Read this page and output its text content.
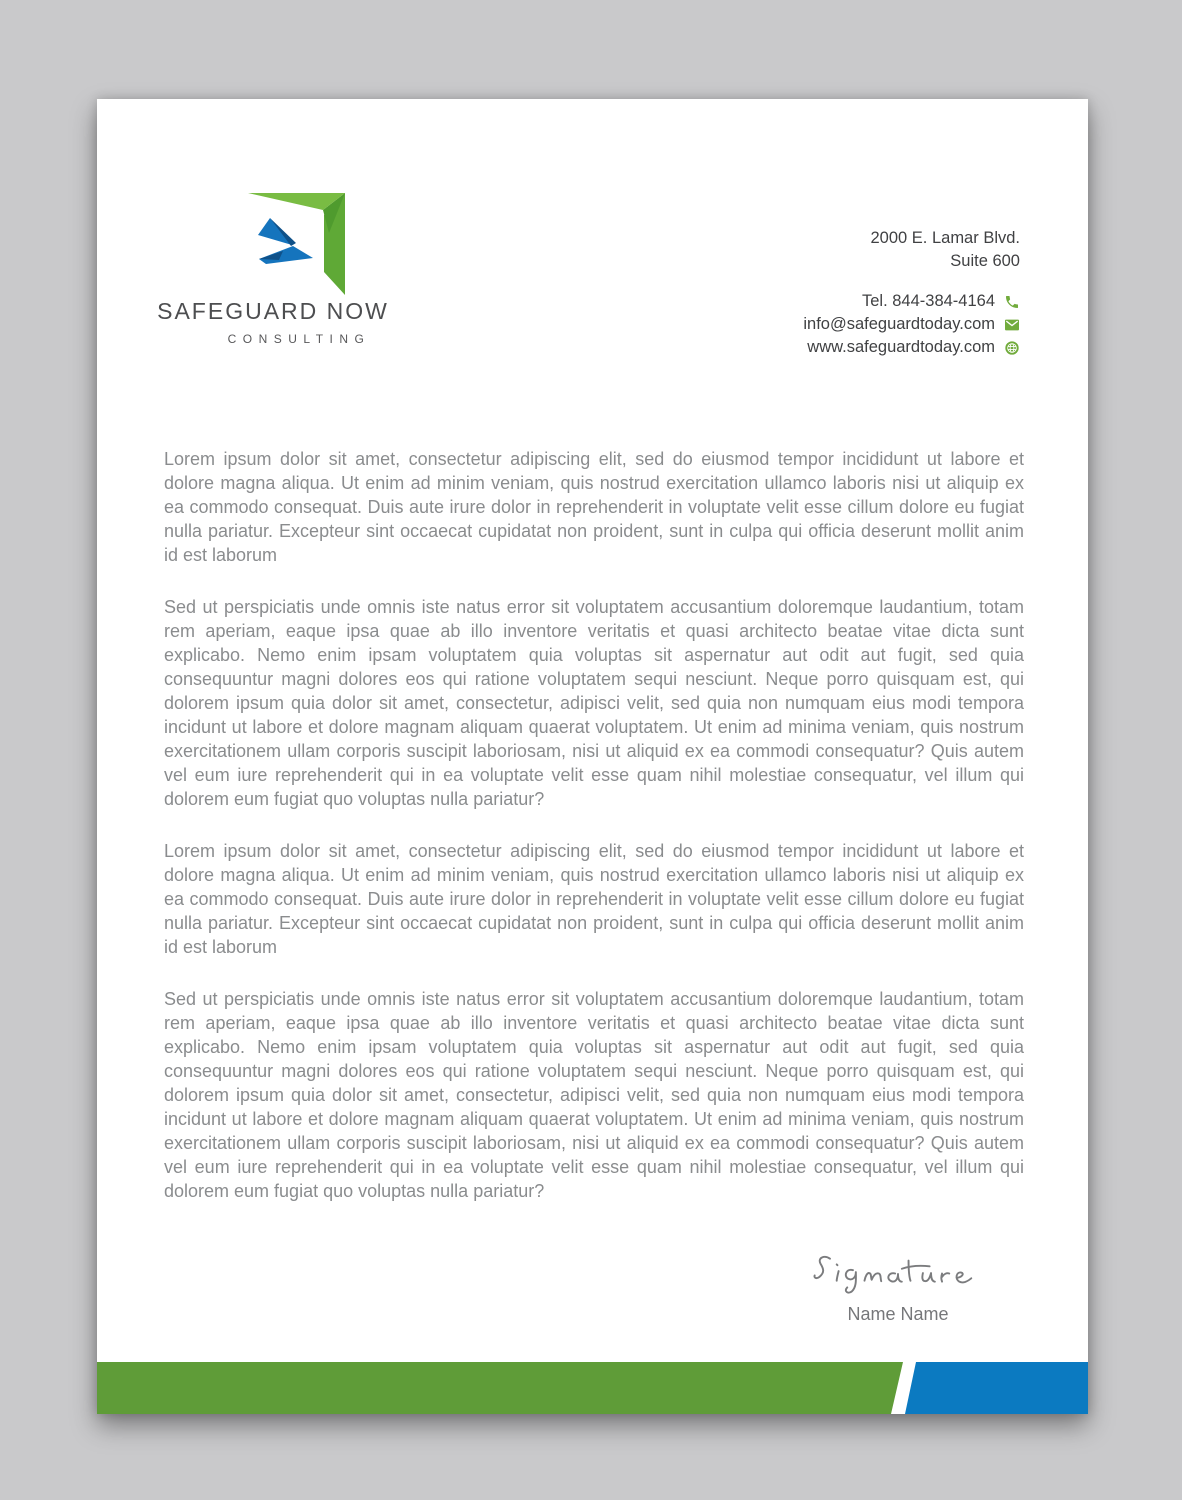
SAFEGUARD NOW
CONSULTING
2000 E. Lamar Blvd.
Suite 600
Tel. 844-384-4164
info@safeguardtoday.com
www.safeguardtoday.com

Lorem ipsum dolor sit amet, consectetur adipiscing elit, sed do eiusmod tempor incididunt ut labore et dolore magna aliqua. Ut enim ad minim veniam, quis nostrud exercitation ullamco laboris nisi ut aliquip ex ea commodo consequat. Duis aute irure dolor in reprehenderit in voluptate velit esse cillum dolore eu fugiat nulla pariatur. Excepteur sint occaecat cupidatat non proident, sunt in culpa qui officia deserunt mollit anim id est laborum

Sed ut perspiciatis unde omnis iste natus error sit voluptatem accusantium doloremque laudantium, totam rem aperiam, eaque ipsa quae ab illo inventore veritatis et quasi architecto beatae vitae dicta sunt explicabo. Nemo enim ipsam voluptatem quia voluptas sit aspernatur aut odit aut fugit, sed quia consequuntur magni dolores eos qui ratione voluptatem sequi nesciunt. Neque porro quisquam est, qui dolorem ipsum quia dolor sit amet, consectetur, adipisci velit, sed quia non numquam eius modi tempora incidunt ut labore et dolore magnam aliquam quaerat voluptatem. Ut enim ad minima veniam, quis nostrum exercitationem ullam corporis suscipit laboriosam, nisi ut aliquid ex ea commodi consequatur? Quis autem vel eum iure reprehenderit qui in ea voluptate velit esse quam nihil molestiae consequatur, vel illum qui dolorem eum fugiat quo voluptas nulla pariatur?

Lorem ipsum dolor sit amet, consectetur adipiscing elit, sed do eiusmod tempor incididunt ut labore et dolore magna aliqua. Ut enim ad minim veniam, quis nostrud exercitation ullamco laboris nisi ut aliquip ex ea commodo consequat. Duis aute irure dolor in reprehenderit in voluptate velit esse cillum dolore eu fugiat nulla pariatur. Excepteur sint occaecat cupidatat non proident, sunt in culpa qui officia deserunt mollit anim id est laborum

Sed ut perspiciatis unde omnis iste natus error sit voluptatem accusantium doloremque laudantium, totam rem aperiam, eaque ipsa quae ab illo inventore veritatis et quasi architecto beatae vitae dicta sunt explicabo. Nemo enim ipsam voluptatem quia voluptas sit aspernatur aut odit aut fugit, sed quia consequuntur magni dolores eos qui ratione voluptatem sequi nesciunt. Neque porro quisquam est, qui dolorem ipsum quia dolor sit amet, consectetur, adipisci velit, sed quia non numquam eius modi tempora incidunt ut labore et dolore magnam aliquam quaerat voluptatem. Ut enim ad minima veniam, quis nostrum exercitationem ullam corporis suscipit laboriosam, nisi ut aliquid ex ea commodi consequatur? Quis autem vel eum iure reprehenderit qui in ea voluptate velit esse quam nihil molestiae consequatur, vel illum qui dolorem eum fugiat quo voluptas nulla pariatur?

Name Name
